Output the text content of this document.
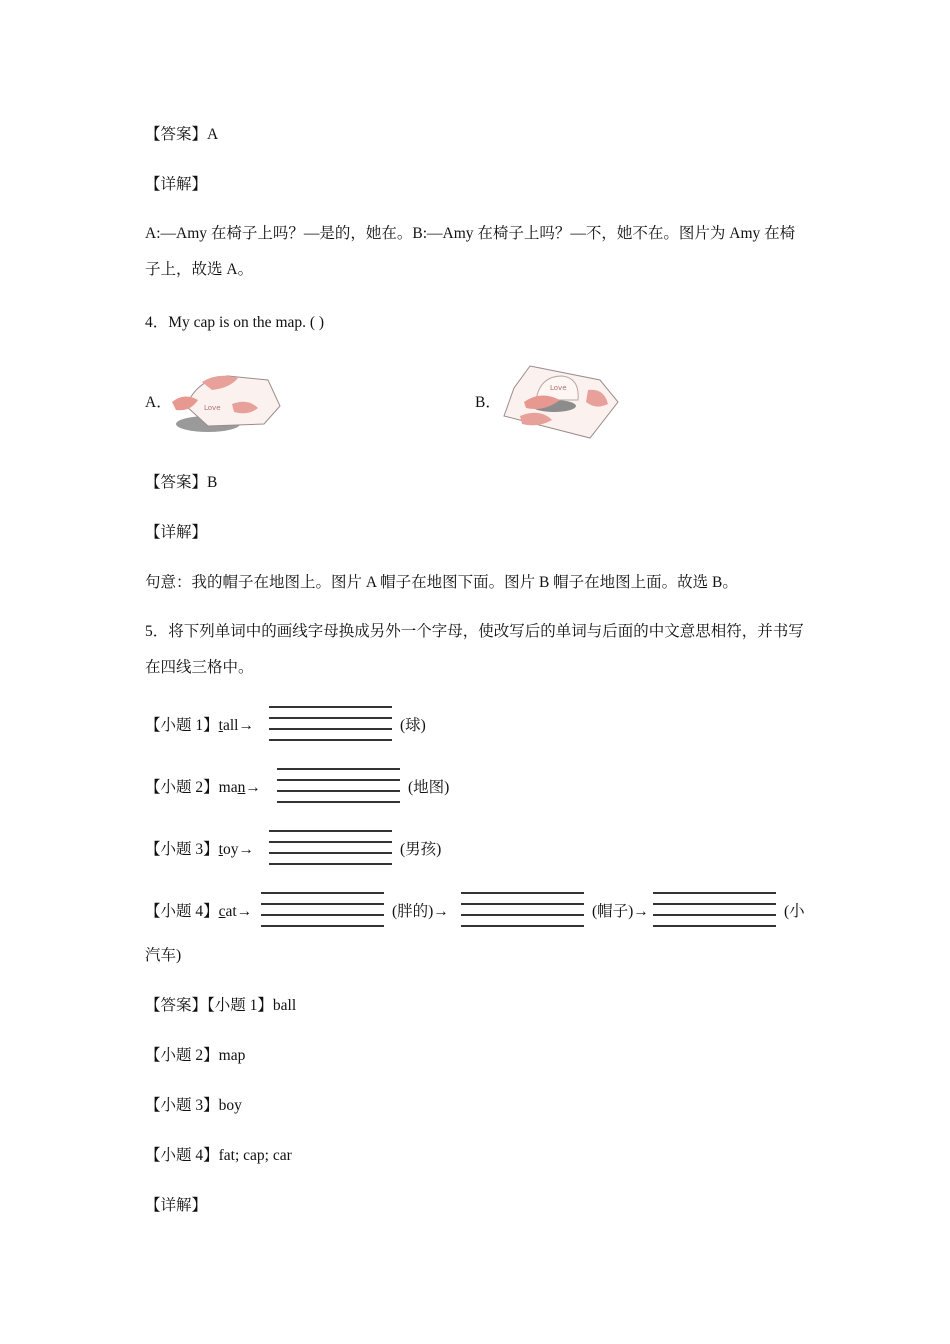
【答案】A
【详解】
A:—Amy 在椅子上吗？—是的，她在。B:—Amy 在椅子上吗？—不，她不在。图片为 Amy 在椅子上，故选 A。
4．My cap is on the map. ( )
A．	Love	B．
Love
【答案】B
【详解】
句意：我的帽子在地图上。图片 A 帽子在地图下面。图片 B 帽子在地图上面。故选 B。
5．将下列单词中的画线字母换成另外一个字母，使改写后的单词与后面的中文意思相符，并书写在四线三格中。
【小题 1】tall→	(球)
【小题 2】man→	(地图)
【小题 3】toy→	(男孩)
【小题 4】cat→	(胖的)→	(帽子)→	(小
汽车)
【答案】【小题 1】ball
【小题 2】map
【小题 3】boy
【小题 4】fat; cap; car
【详解】
